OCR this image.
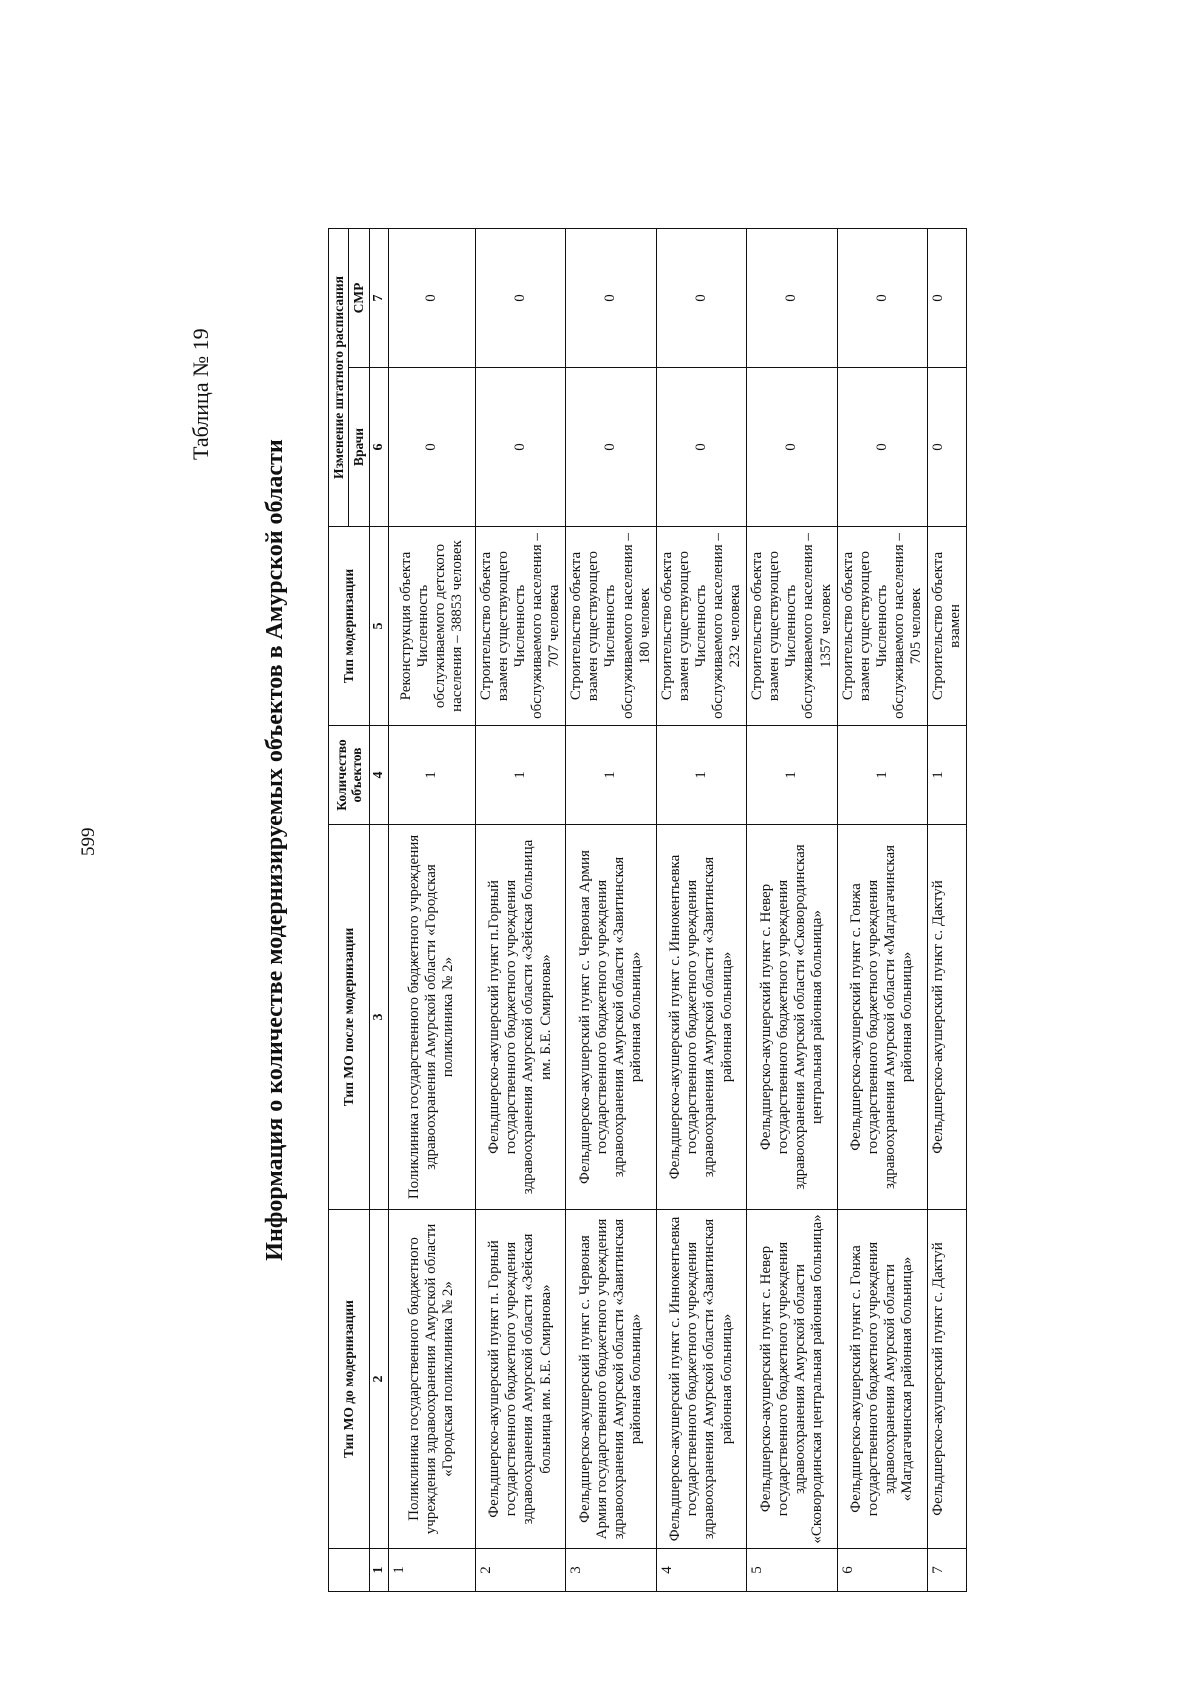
599
Таблица № 19
Информация о количестве модернизируемых объектов в Амурской области
	Тип МО до модернизации	Тип МО после модернизации	Количество объектов	Тип модернизации	Изменение штатного расписания	
					Врачи	СМР
1	2	3	4	5	6	7
1	Поликлиника государственного бюджетного учреждения здравоохранения Амурской области «Городская поликлиника № 2»	Поликлиника государственного бюджетного учреждения здравоохранения Амурской области «Городская поликлиника № 2»	1	Реконструкция объекта Численность обслуживаемого детского населения – 38853 человек	0	0
2	Фельдшерско-акушерский пункт п. Горный государственного бюджетного учреждения здравоохранения Амурской области «Зейская больница им. Б.Е. Смирнова»	Фельдшерско-акушерский пункт п.Горный государственного бюджетного учреждения здравоохранения Амурской области «Зейская больница им. Б.Е. Смирнова»	1	Строительство объекта взамен существующего Численность обслуживаемого населения – 707 человека	0	0
3	Фельдшерско-акушерский пункт с. Червоная Армия государственного бюджетного учреждения здравоохранения Амурской области «Завитинская районная больница»	Фельдшерско-акушерский пункт с. Червоная Армия государственного бюджетного учреждения здравоохранения Амурской области «Завитинская районная больница»	1	Строительство объекта взамен существующего Численность обслуживаемого населения – 180 человек	0	0
4	Фельдшерско-акушерский пункт с. Иннокентьевка государственного бюджетного учреждения здравоохранения Амурской области «Завитинская районная больница»	Фельдшерско-акушерский пункт с. Иннокентьевка государственного бюджетного учреждения здравоохранения Амурской области «Завитинская районная больница»	1	Строительство объекта взамен существующего Численность обслуживаемого населения – 232 человека	0	0
5	Фельдшерско-акушерский пункт с. Невер государственного бюджетного учреждения здравоохранения Амурской области «Сковородинская центральная районная больница»	Фельдшерско-акушерский пункт с. Невер государственного бюджетного учреждения здравоохранения Амурской области «Сковородинская центральная районная больница»	1	Строительство объекта взамен существующего Численность обслуживаемого населения – 1357 человек	0	0
6	Фельдшерско-акушерский пункт с. Гонжа государственного бюджетного учреждения здравоохранения Амурской области «Магдагачинская районная больница»	Фельдшерско-акушерский пункт с. Гонжа государственного бюджетного учреждения здравоохранения Амурской области «Магдагачинская районная больница»	1	Строительство объекта взамен существующего Численность обслуживаемого населения – 705 человек	0	0
7	Фельдшерско-акушерский пункт с. Дактуй	Фельдшерско-акушерский пункт с. Дактуй	1	Строительство объекта взамен	0	0
